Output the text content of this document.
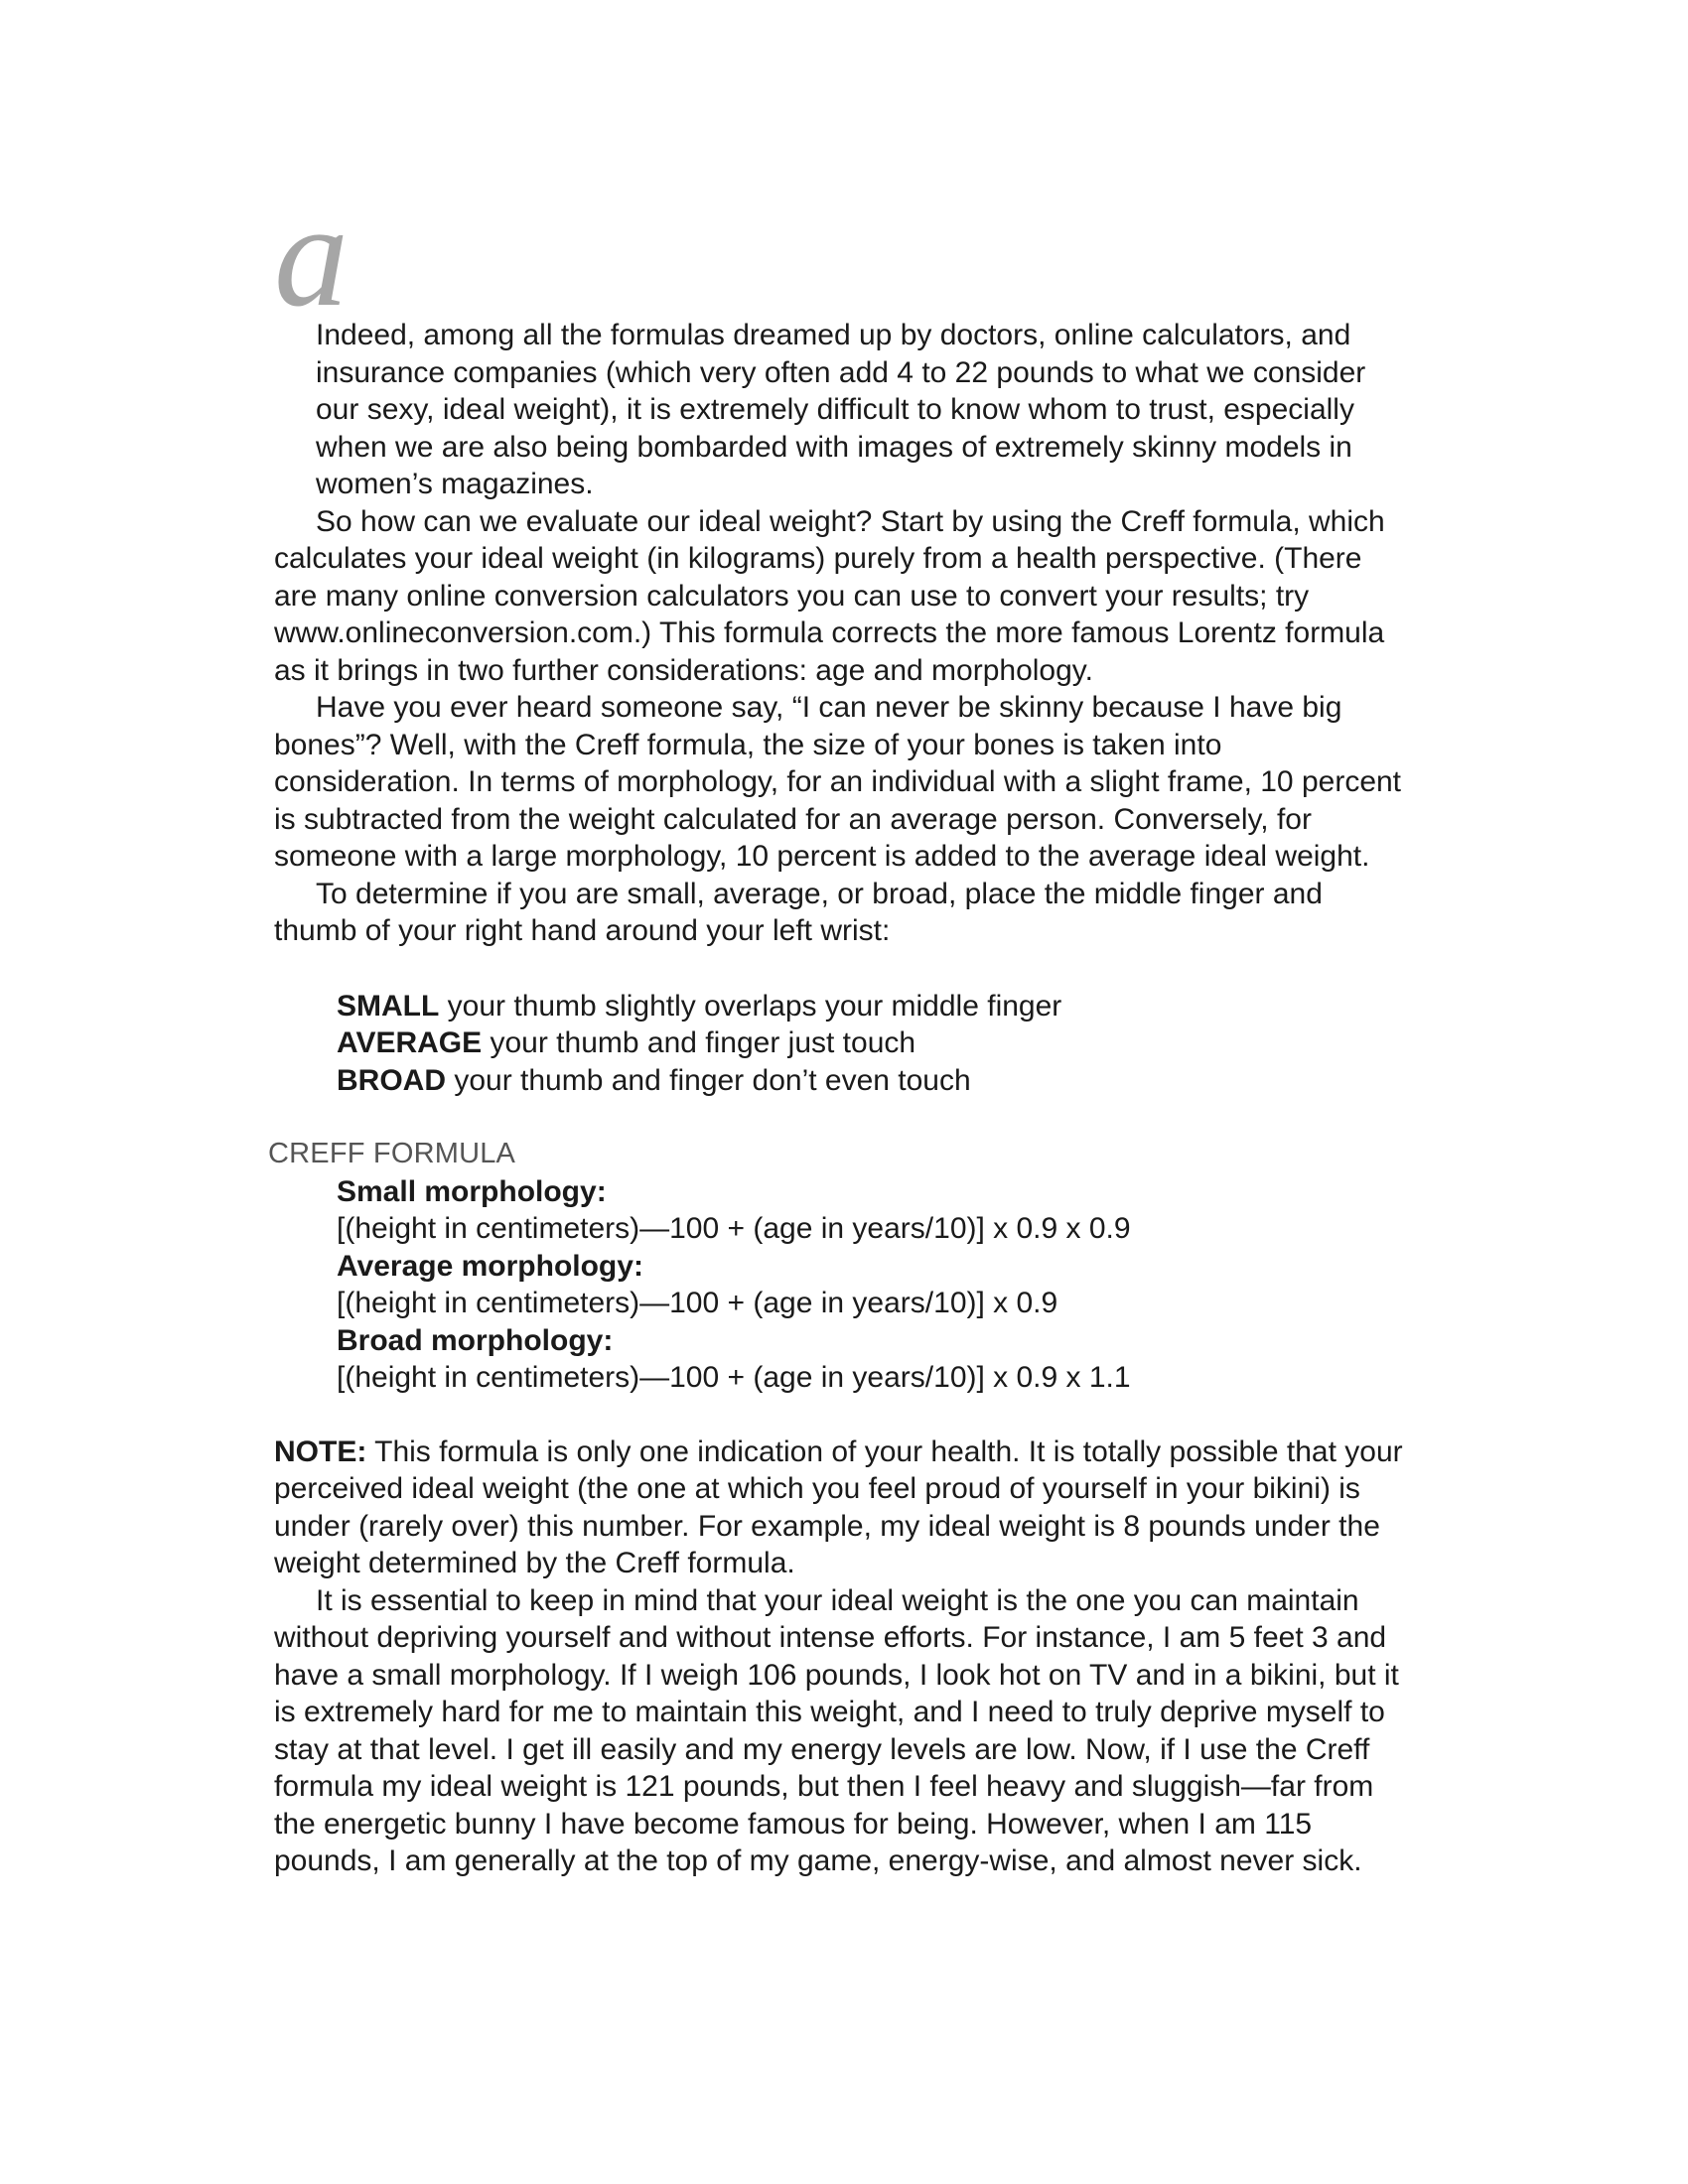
a
Indeed, among all the formulas dreamed up by doctors, online calculators, and insurance companies (which very often add 4 to 22 pounds to what we consider our sexy, ideal weight), it is extremely difficult to know whom to trust, especially when we are also being bombarded with images of extremely skinny models in women’s magazines.

So how can we evaluate our ideal weight? Start by using the Creff formula, which calculates your ideal weight (in kilograms) purely from a health perspective. (There are many online conversion calculators you can use to convert your results; try www.onlineconversion.com.) This formula corrects the more famous Lorentz formula as it brings in two further considerations: age and morphology.

Have you ever heard someone say, “I can never be skinny because I have big bones”? Well, with the Creff formula, the size of your bones is taken into consideration. In terms of morphology, for an individual with a slight frame, 10 percent is subtracted from the weight calculated for an average person. Conversely, for someone with a large morphology, 10 percent is added to the average ideal weight.

To determine if you are small, average, or broad, place the middle finger and thumb of your right hand around your left wrist:

SMALL your thumb slightly overlaps your middle finger

AVERAGE your thumb and finger just touch

BROAD your thumb and finger don’t even touch

CREFF FORMULA

Small morphology:

[(height in centimeters)—100 + (age in years/10)] x 0.9 x 0.9

Average morphology:

[(height in centimeters)—100 + (age in years/10)] x 0.9

Broad morphology:

[(height in centimeters)—100 + (age in years/10)] x 0.9 x 1.1

NOTE: This formula is only one indication of your health. It is totally possible that your perceived ideal weight (the one at which you feel proud of yourself in your bikini) is under (rarely over) this number. For example, my ideal weight is 8 pounds under the weight determined by the Creff formula.

It is essential to keep in mind that your ideal weight is the one you can maintain without depriving yourself and without intense efforts. For instance, I am 5 feet 3 and have a small morphology. If I weigh 106 pounds, I look hot on TV and in a bikini, but it is extremely hard for me to maintain this weight, and I need to truly deprive myself to stay at that level. I get ill easily and my energy levels are low. Now, if I use the Creff formula my ideal weight is 121 pounds, but then I feel heavy and sluggish—far from the energetic bunny I have become famous for being. However, when I am 115 pounds, I am generally at the top of my game, energy-wise, and almost never sick.
